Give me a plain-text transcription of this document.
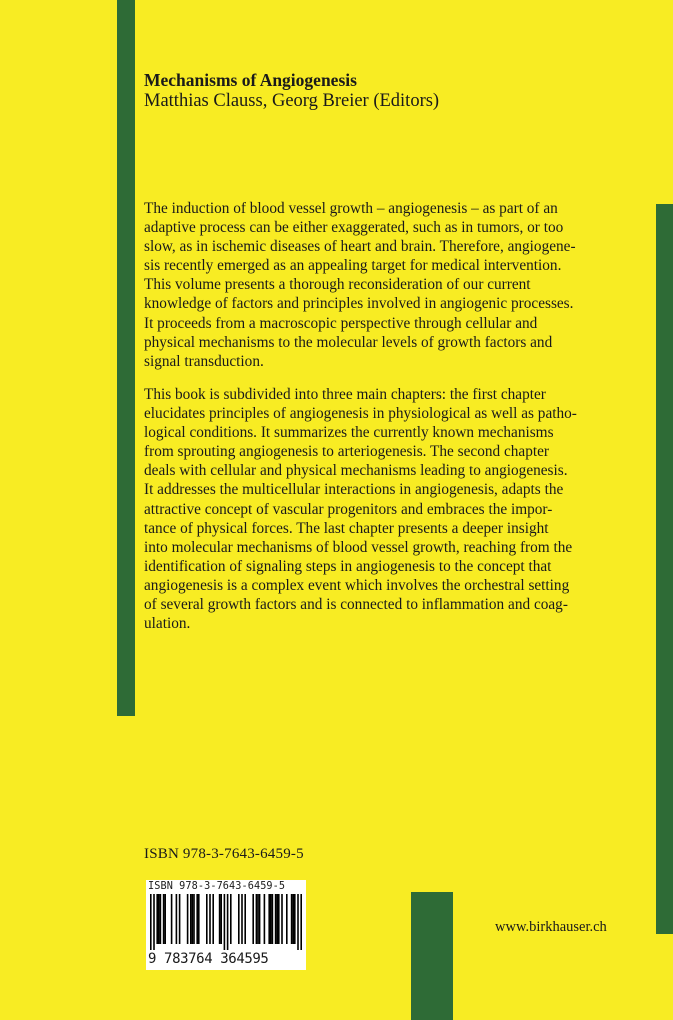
Mechanisms of Angiogenesis

Matthias Clauss, Georg Breier (Editors)

The induction of blood vessel growth – angiogenesis – as part of an
adaptive process can be either exaggerated, such as in tumors, or too
slow, as in ischemic diseases of heart and brain. Therefore, angiogene-
sis recently emerged as an appealing target for medical intervention.
This volume presents a thorough reconsideration of our current
knowledge of factors and principles involved in angiogenic processes.
It proceeds from a macroscopic perspective through cellular and
physical mechanisms to the molecular levels of growth factors and
signal transduction.
This book is subdivided into three main chapters: the first chapter
elucidates principles of angiogenesis in physiological as well as patho-
logical conditions. It summarizes the currently known mechanisms
from sprouting angiogenesis to arteriogenesis. The second chapter
deals with cellular and physical mechanisms leading to angiogenesis.
It addresses the multicellular interactions in angiogenesis, adapts the
attractive concept of vascular progenitors and embraces the impor-
tance of physical forces. The last chapter presents a deeper insight
into molecular mechanisms of blood vessel growth, reaching from the
identification of signaling steps in angiogenesis to the concept that
angiogenesis is a complex event which involves the orchestral setting
of several growth factors and is connected to inflammation and coag-
ulation.

ISBN 978-3-7643-6459-5

ISBN 978-3-7643-6459-5
9 783764 364595

www.birkhauser.ch
